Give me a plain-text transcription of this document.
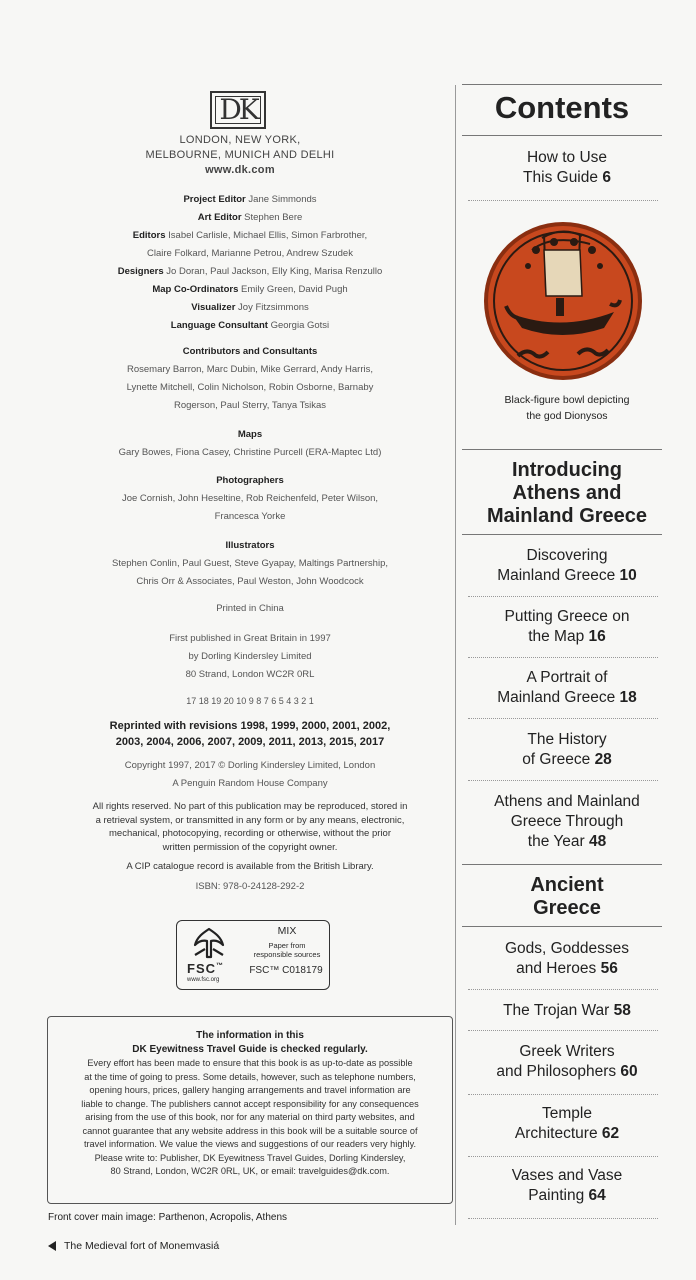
DK
LONDON, NEW YORK,
MELBOURNE, MUNICH AND DELHI
www.dk.com
Project Editor Jane Simmonds
Art Editor Stephen Bere
Editors Isabel Carlisle, Michael Ellis, Simon Farbrother,
Claire Folkard, Marianne Petrou, Andrew Szudek
Designers Jo Doran, Paul Jackson, Elly King, Marisa Renzullo
Map Co-Ordinators Emily Green, David Pugh
Visualizer Joy Fitzsimmons
Language Consultant Georgia Gotsi
Contributors and Consultants
Rosemary Barron, Marc Dubin, Mike Gerrard, Andy Harris,
Lynette Mitchell, Colin Nicholson, Robin Osborne, Barnaby
Rogerson, Paul Sterry, Tanya Tsikas
Maps
Gary Bowes, Fiona Casey, Christine Purcell (ERA-Maptec Ltd)
Photographers
Joe Cornish, John Heseltine, Rob Reichenfeld, Peter Wilson,
Francesca Yorke
Illustrators
Stephen Conlin, Paul Guest, Steve Gyapay, Maltings Partnership,
Chris Orr & Associates, Paul Weston, John Woodcock
Printed in China
First published in Great Britain in 1997
by Dorling Kindersley Limited
80 Strand, London WC2R 0RL
17 18 19 20 10 9 8 7 6 5 4 3 2 1
Reprinted with revisions 1998, 1999, 2000, 2001, 2002,
2003, 2004, 2006, 2007, 2009, 2011, 2013, 2015, 2017
Copyright 1997, 2017 © Dorling Kindersley Limited, London
A Penguin Random House Company
All rights reserved. No part of this publication may be reproduced, stored in
a retrieval system, or transmitted in any form or by any means, electronic,
mechanical, photocopying, recording or otherwise, without the prior
written permission of the copyright owner.
A CIP catalogue record is available from the British Library.
ISBN: 978-0-24128-292-2
FSC™
www.fsc.org
MIX
Paper from
responsible sources
FSC™ C018179
The information in this
DK Eyewitness Travel Guide is checked regularly.
Every effort has been made to ensure that this book is as up-to-date as possible
at the time of going to press. Some details, however, such as telephone numbers,
opening hours, prices, gallery hanging arrangements and travel information are
liable to change. The publishers cannot accept responsibility for any consequences
arising from the use of this book, nor for any material on third party websites, and
cannot guarantee that any website address in this book will be a suitable source of
travel information. We value the views and suggestions of our readers very highly.
Please write to: Publisher, DK Eyewitness Travel Guides, Dorling Kindersley,
80 Strand, London, WC2R 0RL, UK, or email: travelguides@dk.com.
Front cover main image: Parthenon, Acropolis, Athens
The Medieval fort of Monemvasiá
Contents
How to Use
This Guide 6
Black-figure bowl depicting
the god Dionysos
Introducing
Athens and
Mainland Greece
Discovering
Mainland Greece 10
Putting Greece on
the Map 16
A Portrait of
Mainland Greece 18
The History
of Greece 28
Athens and Mainland
Greece Through
the Year 48
Ancient
Greece
Gods, Goddesses
and Heroes 56
The Trojan War 58
Greek Writers
and Philosophers 60
Temple
Architecture 62
Vases and Vase
Painting 64
